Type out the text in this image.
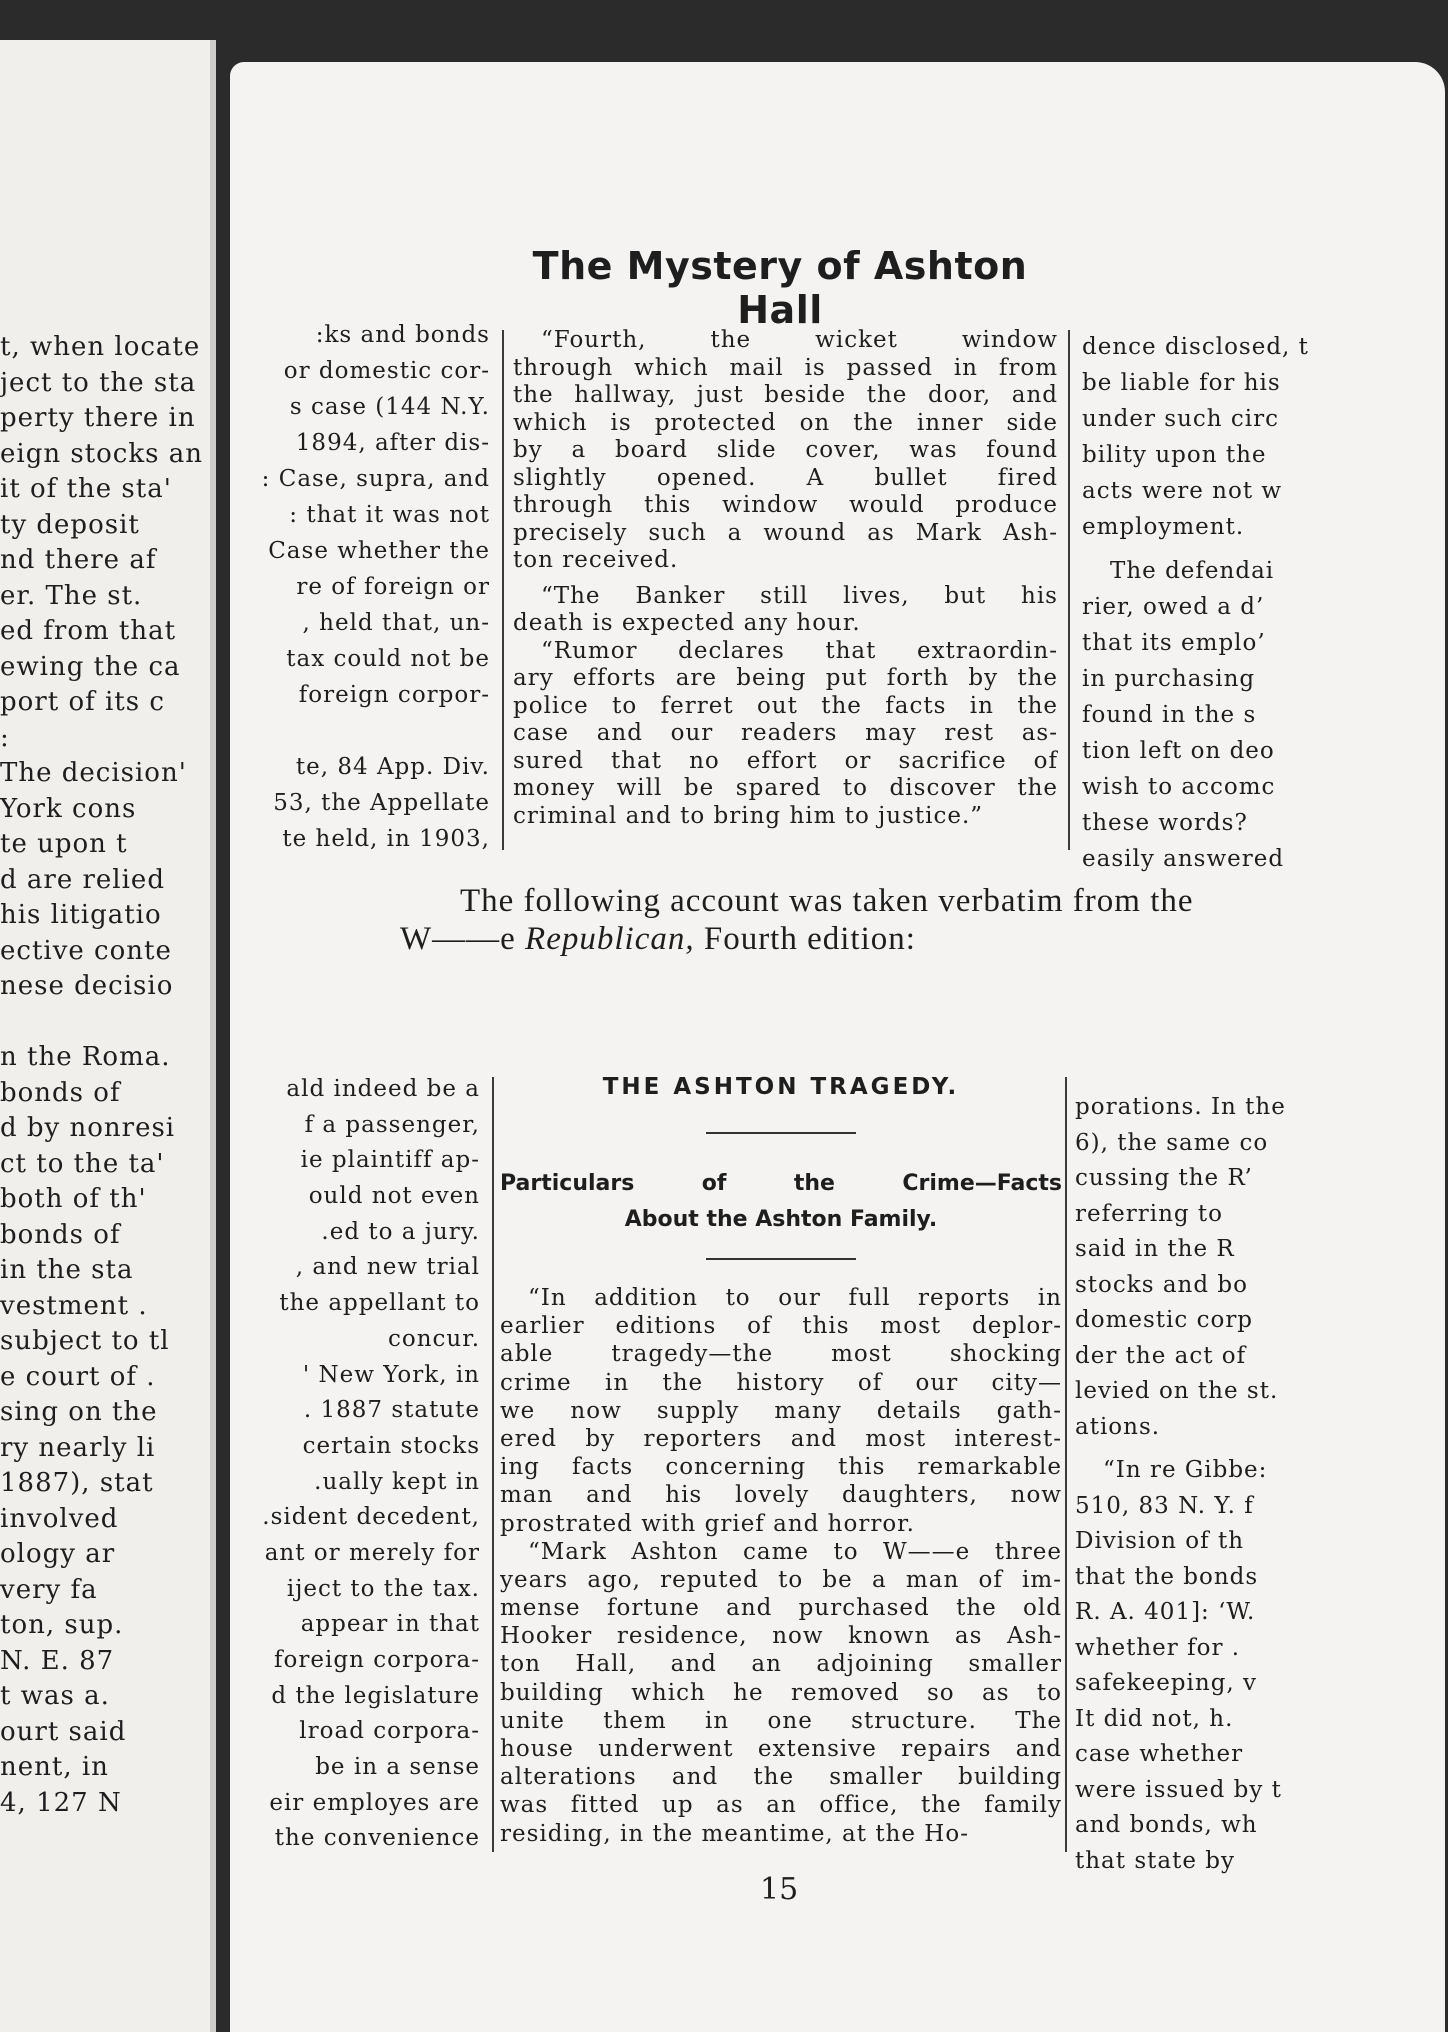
t, when locate
ject to the sta
perty there in
eign stocks an
it of the sta'
ty deposit
nd there af
er. The st.
ed from that
ewing the ca
port of its c
:
The decision'
York cons
te upon t
d are relied
his litigatio
ective conte
nese decisio
n the Roma.
bonds of
d by nonresi
ct to the ta'
both of th'
bonds of
in the sta
vestment .
subject to tl
e court of .
sing on the
ry nearly li
1887), stat
involved
ology ar
very fa
ton, sup.
N. E. 87
t was a.
ourt said
nent, in
4, 127 N
The Mystery of Ashton Hall
:ks and bonds
or domestic cor-
s case (144 N.Y.
1894, after dis-
: Case, supra, and
: that it was not
Case whether the
re of foreign or
, held that, un-
tax could not be
foreign corpor-
te, 84 App. Div.
53, the Appellate
te held, in 1903,
“Fourth, the wicket window
through which mail is passed in from
the hallway, just beside the door, and
which is protected on the inner side
by a board slide cover, was found
slightly opened. A bullet fired
through this window would produce
precisely such a wound as Mark Ash-
ton received.
“The Banker still lives, but his
death is expected any hour.
“Rumor declares that extraordin-
ary efforts are being put forth by the
police to ferret out the facts in the
case and our readers may rest as-
sured that no effort or sacrifice of
money will be spared to discover the
criminal and to bring him to justice.”
dence disclosed, t
be liable for his
under such circ
bility upon the
acts were not w
employment.
The defendai
rier, owed a d’
that its emplo’
in purchasing
found in the s
tion left on deο
wish to accomс
these words?
easily answered
The following account was taken verbatim from the
W——e Republican, Fourth edition:
ald indeed be a
f a passenger,
ie plaintiff ap-
ould not even
.ed to a jury.
, and new trial
the appellant to
concur.
' New York, in
. 1887 statute
certain stocks
.ually kept in
.sident decedent,
ant or merely for
iject to the tax.
appear in that
foreign corpora-
d the legislature
lroad corpora-
be in a sense
eir employes are
the convenience
THE ASHTON TRAGEDY.
Particulars of the Crime—Facts
About the Ashton Family.
“In addition to our full reports in
earlier editions of this most deplor-
able tragedy—the most shocking
crime in the history of our city—
we now supply many details gath-
ered by reporters and most interest-
ing facts concerning this remarkable
man and his lovely daughters, now
prostrated with grief and horror.
“Mark Ashton came to W——e three
years ago, reputed to be a man of im-
mense fortune and purchased the old
Hooker residence, now known as Ash-
ton Hall, and an adjoining smaller
building which he removed so as to
unite them in one structure. The
house underwent extensive repairs and
alterations and the smaller building
was fitted up as an office, the family
residing, in the meantime, at the Ho-
porations. In the
6), the same co
cussing the R’
referring to
said in the R
stocks and bo
domestic corp
der the act of
levied on the st.
ations.
“In re Gibbe:
510, 83 N. Y. f
Division of th
that the bonds
R. A. 401]: ‘W.
whether for .
safekeeping, v
It did not, h.
case whether
were issued by t
and bonds, wh
that state by
15
